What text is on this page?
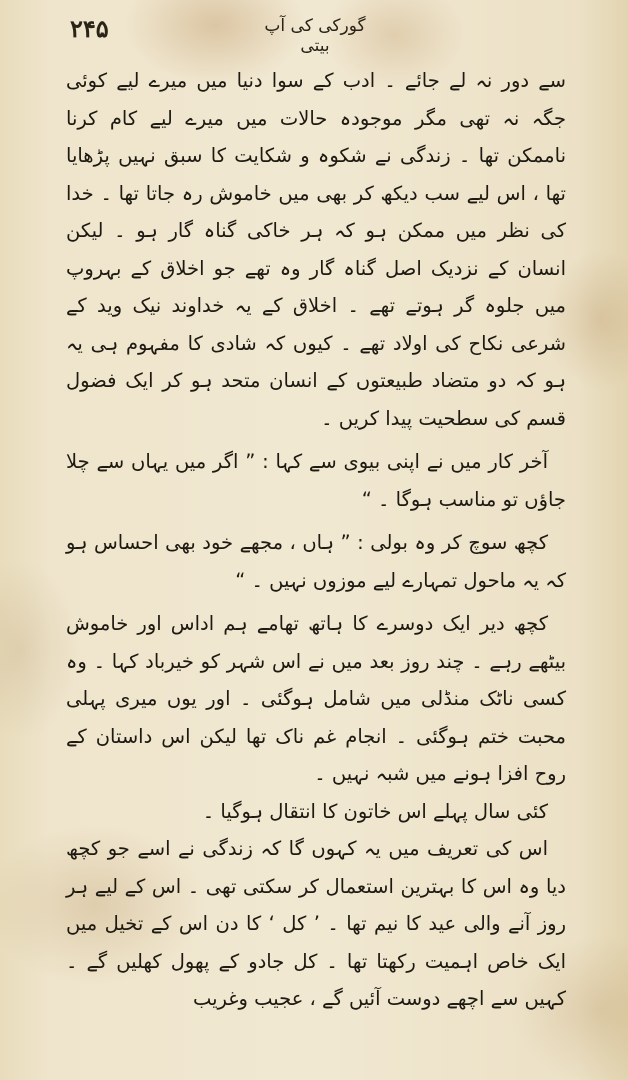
۲۴۵	گورکی کی آپ بیتی

سے دور نہ لے جائے ۔ ادب کے سوا دنیا میں میرے لیے کوئی جگہ نہ تھی مگر موجودہ حالات میں میرے لیے کام کرنا ناممکن تھا ۔ زندگی نے شکوہ و شکایت کا سبق نہیں پڑھایا تھا ، اس لیے سب دیکھ کر بھی میں خاموش رہ جاتا تھا ۔ خدا کی نظر میں ممکن ہو کہ ہر خاکی گناہ گار ہو ۔ لیکن انسان کے نزدیک اصل گناہ گار وہ تھے جو اخلاق کے بہروپ میں جلوہ گر ہوتے تھے ۔ اخلاق کے یہ خداوند نیک وید کے شرعی نکاح کی اولاد تھے ۔ کیوں کہ شادی کا مفہوم ہی یہ ہو کہ دو متضاد طبیعتوں کے انسان متحد ہو کر ایک فضول قسم کی سطحیت پیدا کریں ۔

آخر کار میں نے اپنی بیوی سے کہا : ” اگر میں یہاں سے چلا جاؤں تو مناسب ہوگا ۔ “

کچھ سوچ کر وہ بولی : ” ہاں ، مجھے خود بھی احساس ہو کہ یہ ماحول تمہارے لیے موزوں نہیں ۔ “

کچھ دیر ایک دوسرے کا ہاتھ تھامے ہم اداس اور خاموش بیٹھے رہے ۔ چند روز بعد میں نے اس شہر کو خیرباد کہا ۔ وہ کسی ناٹک منڈلی میں شامل ہوگئی ۔ اور یوں میری پہلی محبت ختم ہوگئی ۔ انجام غم ناک تھا لیکن اس داستان کے روح افزا ہونے میں شبہ نہیں ۔

کئی سال پہلے اس خاتون کا انتقال ہوگیا ۔

اس کی تعریف میں یہ کہوں گا کہ زندگی نے اسے جو کچھ دیا وہ اس کا بہترین استعمال کر سکتی تھی ۔ اس کے لیے ہر روز آنے والی عید کا نیم تھا ۔ ’ کل ‘ کا دن اس کے تخیل میں ایک خاص اہمیت رکھتا تھا ۔ کل جادو کے پھول کھلیں گے ۔ کہیں سے اچھے دوست آئیں گے ، عجیب وغریب
